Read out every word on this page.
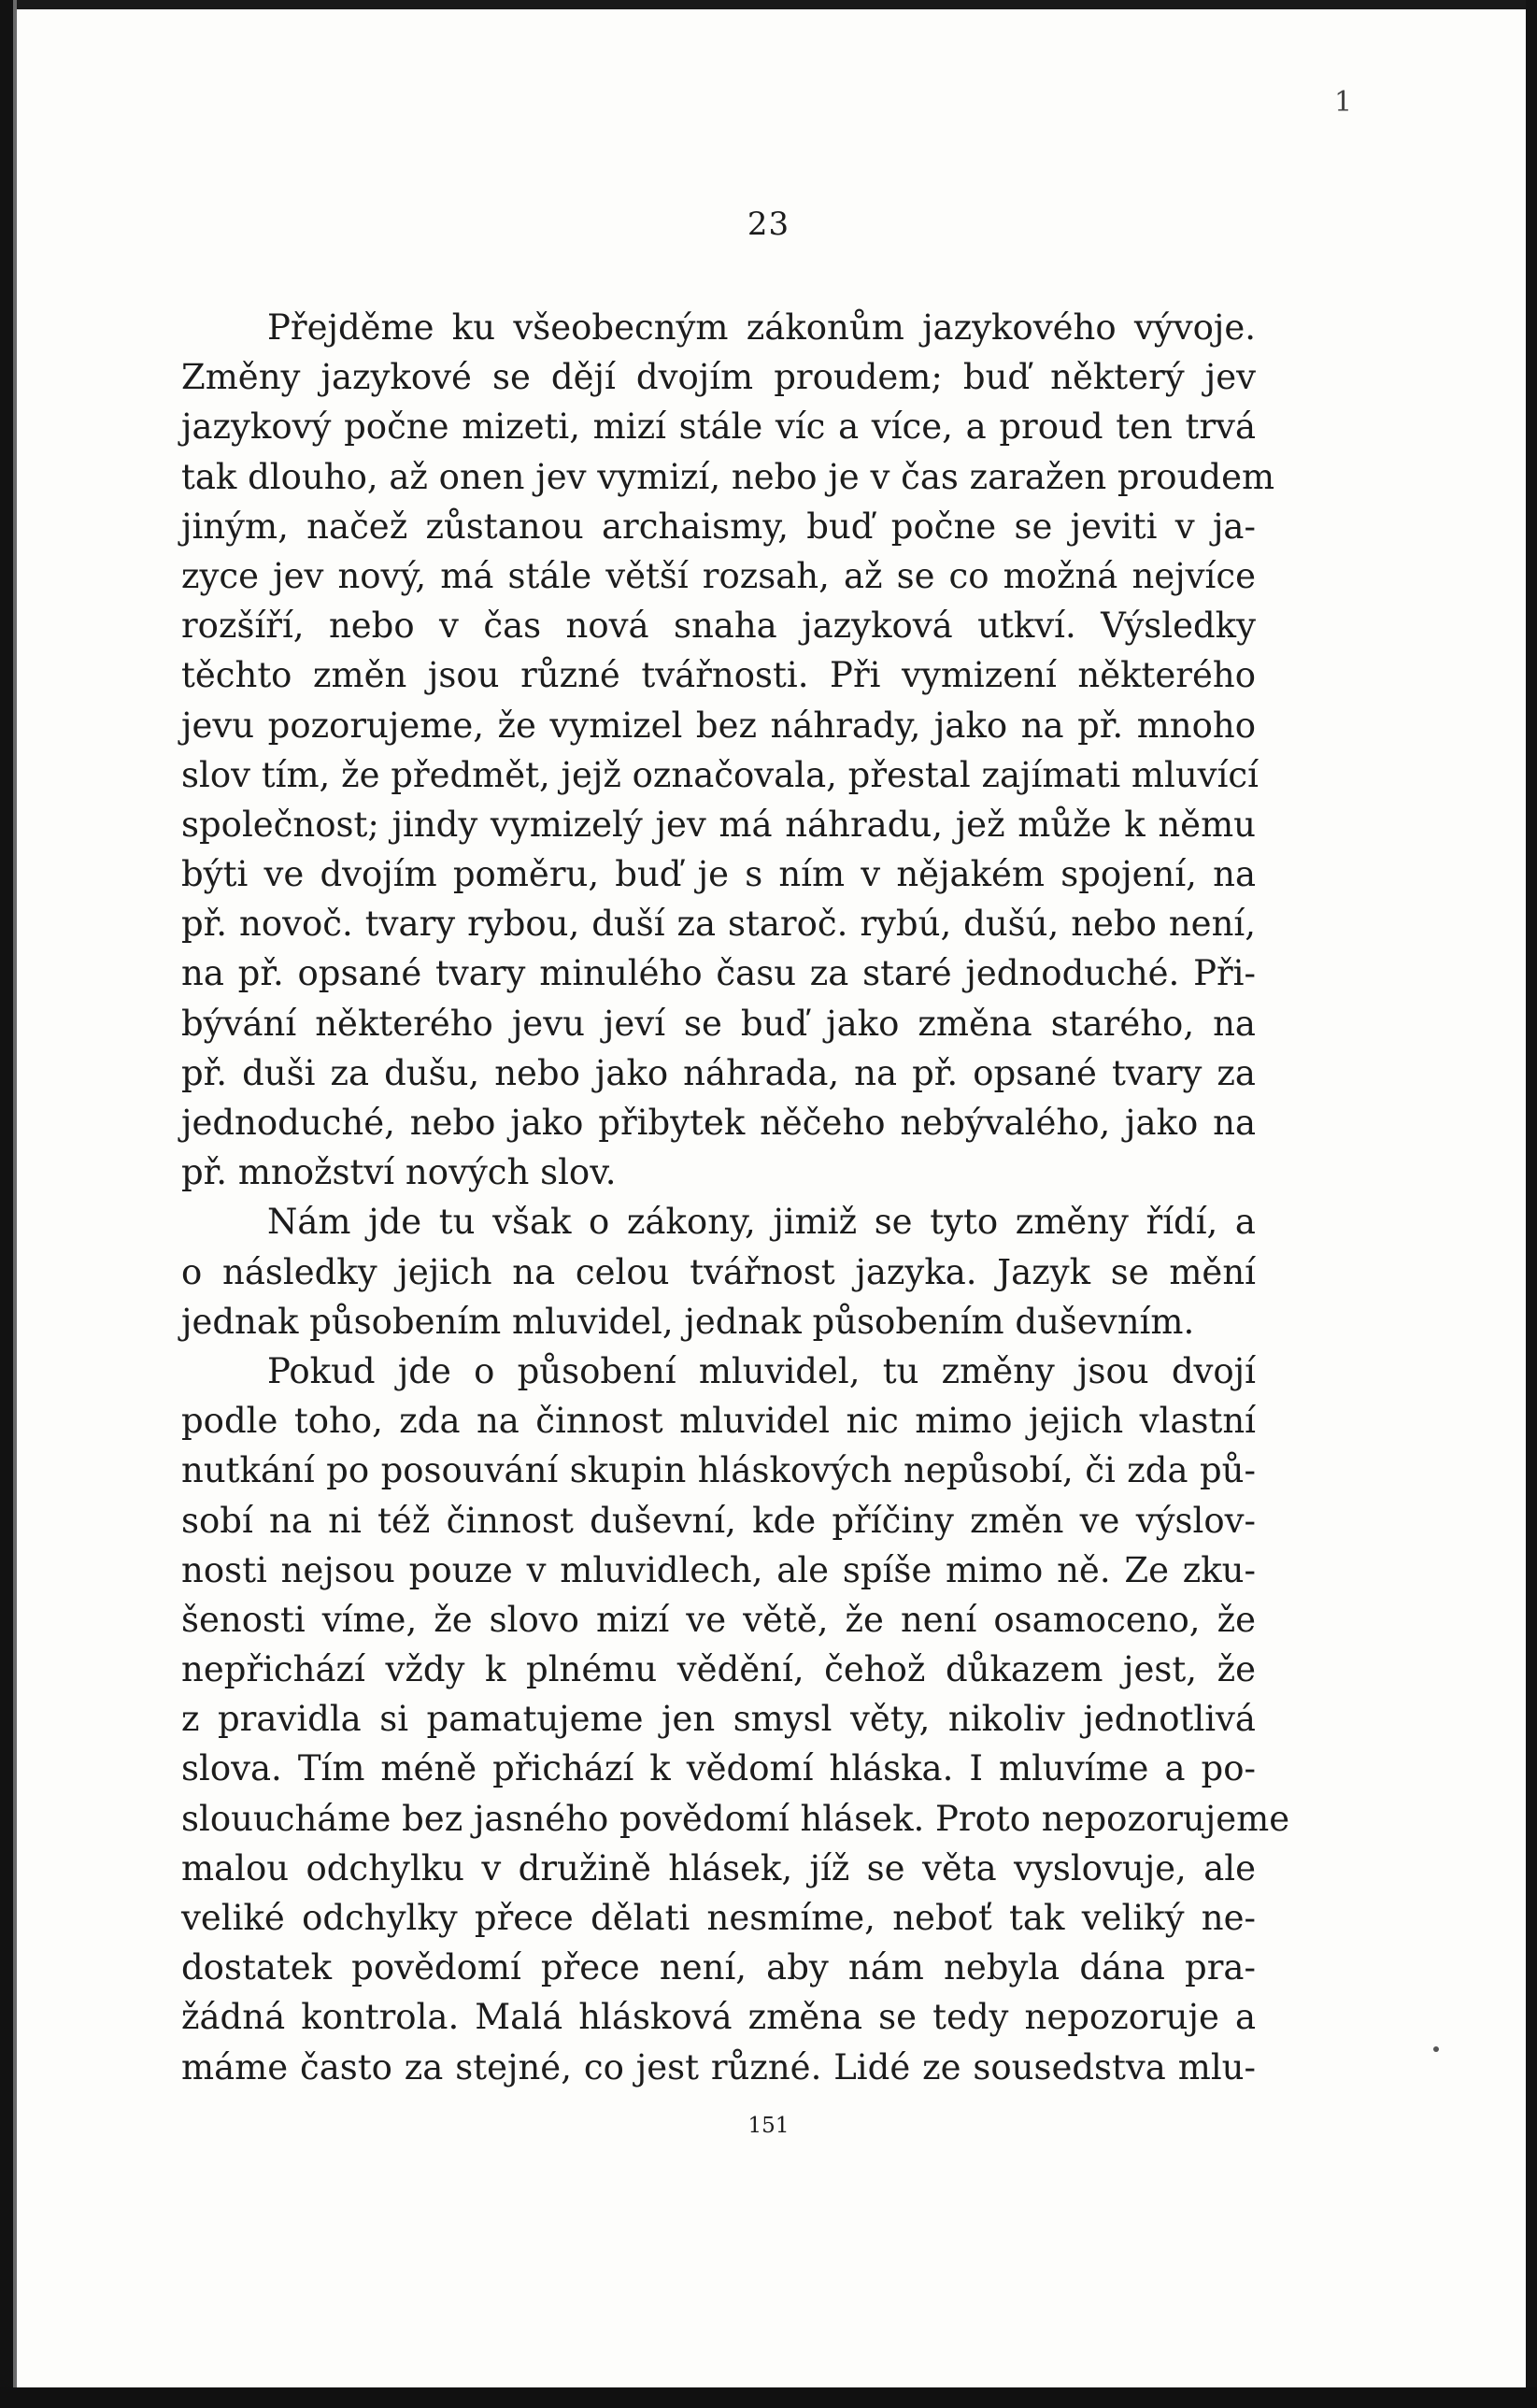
1
23
Přejděme ku všeobecným zákonům jazykového vývoje.
Změny jazykové se dějí dvojím proudem; buď některý jev
jazykový počne mizeti, mizí stále víc a více, a proud ten trvá
tak dlouho, až onen jev vymizí, nebo je v čas zaražen proudem
jiným, načež zůstanou archaismy, buď počne se jeviti v ja-
zyce jev nový, má stále větší rozsah, až se co možná nejvíce
rozšíří, nebo v čas nová snaha jazyková utkví. Výsledky
těchto změn jsou různé tvářnosti. Při vymizení některého
jevu pozorujeme, že vymizel bez náhrady, jako na př. mnoho
slov tím, že předmět, jejž označovala, přestal zajímati mluvící
společnost; jindy vymizelý jev má náhradu, jež může k němu
býti ve dvojím poměru, buď je s ním v nějakém spojení, na
př. novoč. tvary rybou, duší za staroč. rybú, dušú, nebo není,
na př. opsané tvary minulého času za staré jednoduché. Při-
bývání některého jevu jeví se buď jako změna starého, na
př. duši za dušu, nebo jako náhrada, na př. opsané tvary za
jednoduché, nebo jako přibytek něčeho nebývalého, jako na
př. množství nových slov.
Nám jde tu však o zákony, jimiž se tyto změny řídí, a
o následky jejich na celou tvářnost jazyka. Jazyk se mění
jednak působením mluvidel, jednak působením duševním.
Pokud jde o působení mluvidel, tu změny jsou dvojí
podle toho, zda na činnost mluvidel nic mimo jejich vlastní
nutkání po posouvání skupin hláskových nepůsobí, či zda pů-
sobí na ni též činnost duševní, kde příčiny změn ve výslov-
nosti nejsou pouze v mluvidlech, ale spíše mimo ně. Ze zku-
šenosti víme, že slovo mizí ve větě, že není osamoceno, že
nepřichází vždy k plnému vědění, čehož důkazem jest, že
z pravidla si pamatujeme jen smysl věty, nikoliv jednotlivá
slova. Tím méně přichází k vědomí hláska. I mluvíme a po-
slouucháme bez jasného povědomí hlásek. Proto nepozorujeme
malou odchylku v družině hlásek, jíž se věta vyslovuje, ale
veliké odchylky přece dělati nesmíme, neboť tak veliký ne-
dostatek povědomí přece není, aby nám nebyla dána pra-
žádná kontrola. Malá hlásková změna se tedy nepozoruje a
máme často za stejné, co jest různé. Lidé ze sousedstva mlu-
151
